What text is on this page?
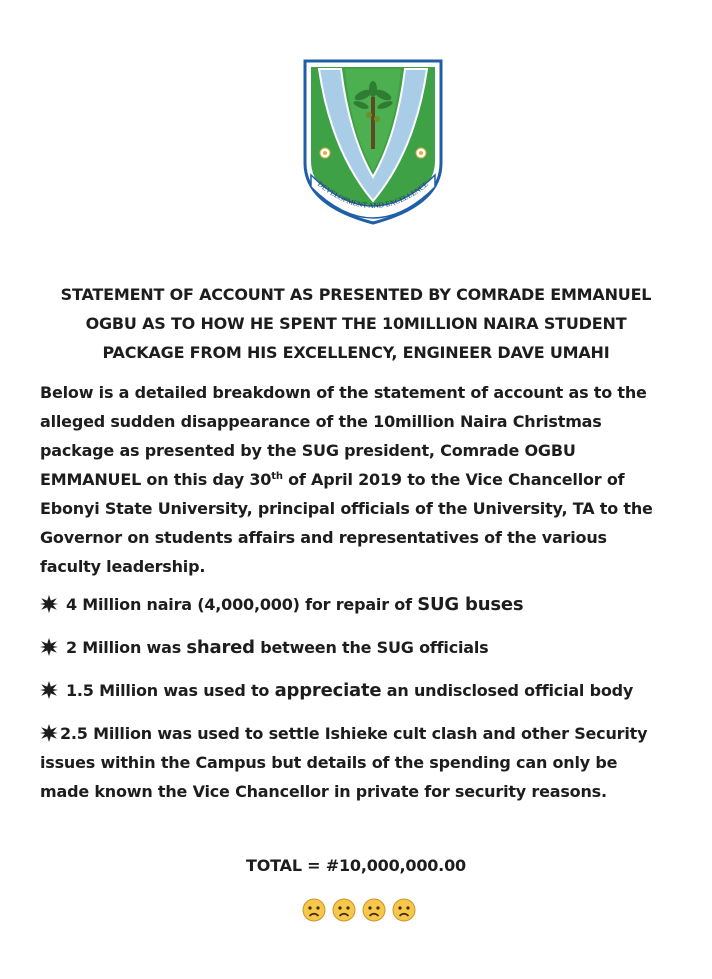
DEVELOPMENT AND EXCELLENCE
STATEMENT OF ACCOUNT AS PRESENTED BY COMRADE EMMANUEL
OGBU AS TO HOW HE SPENT THE 10MILLION NAIRA STUDENT
PACKAGE FROM HIS EXCELLENCY, ENGINEER DAVE UMAHI
Below is a detailed breakdown of the statement of account as to the
alleged sudden disappearance of the 10million Naira Christmas
package as presented by the SUG president, Comrade OGBU
EMMANUEL on this day 30th of April 2019 to the Vice Chancellor of
Ebonyi State University, principal officials of the University, TA to the
Governor on students affairs and representatives of the various
faculty leadership.
4 Million naira (4,000,000) for repair of SUG buses
2 Million was shared between the SUG officials
1.5 Million was used to appreciate an undisclosed official body
2.5 Million was used to settle Ishieke cult clash and other Security
issues within the Campus but details of the spending can only be
made known the Vice Chancellor in private for security reasons.
TOTAL = #10,000,000.00
